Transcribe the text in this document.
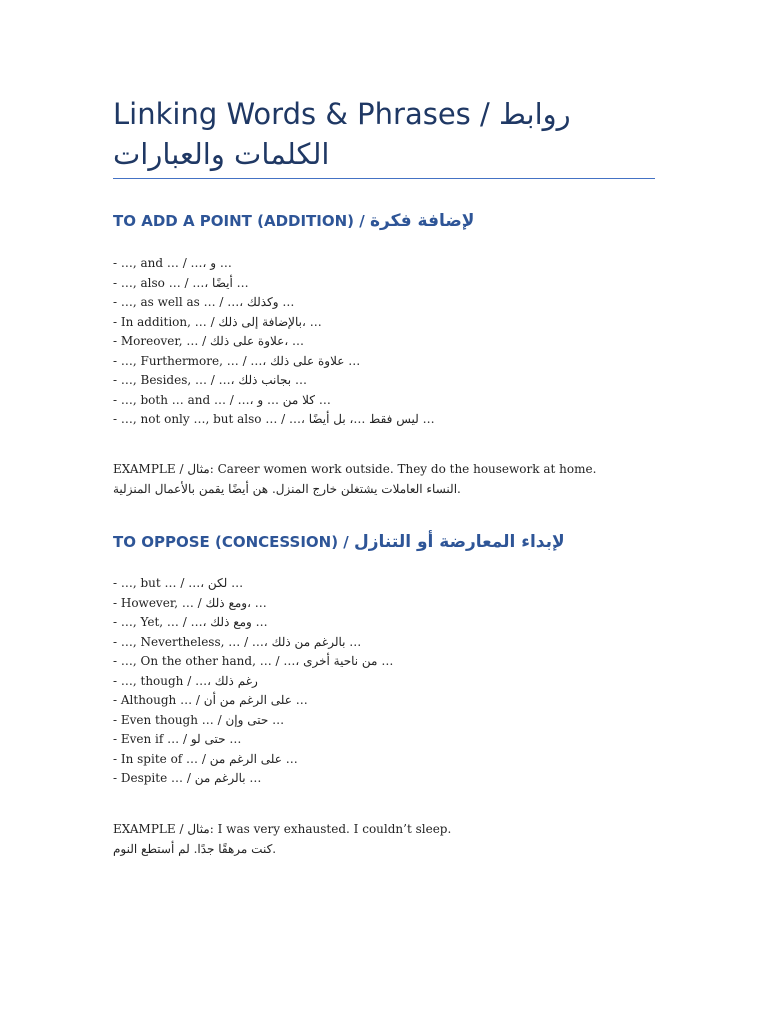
Linking Words & Phrases / روابط
الكلمات والعبارات
TO ADD A POINT (ADDITION) / لإضافة فكرة
- …, and … / …، و …
- …, also … / …، أيضًا …
- …, as well as … / …، وكذلك …
- In addition, … / بالإضافة إلى ذلك، …
- Moreover, … / علاوة على ذلك، …
- …, Furthermore, … / …، علاوة على ذلك …
- …, Besides, … / …، بجانب ذلك …
- …, both … and … / …، كلا من … و …
- …, not only …, but also … / …، ليس فقط …، بل أيضًا …
EXAMPLE / مثال: Career women work outside. They do the housework at home.
النساء العاملات يشتغلن خارج المنزل. هن أيضًا يقمن بالأعمال المنزلية.
TO OPPOSE (CONCESSION) / لإبداء المعارضة أو التنازل
- …, but … / …، لكن …
- However, … / ومع ذلك، …
- …, Yet, … / …، ومع ذلك …
- …, Nevertheless, … / …، بالرغم من ذلك …
- …, On the other hand, … / …، من ناحية أخرى …
- …, though / …، رغم ذلك
- Although … / على الرغم من أن …
- Even though … / حتى وإن …
- Even if … / حتى لو …
- In spite of … / على الرغم من …
- Despite … / بالرغم من …
EXAMPLE / مثال: I was very exhausted. I couldn’t sleep.
كنت مرهقًا جدًا. لم أستطع النوم.
